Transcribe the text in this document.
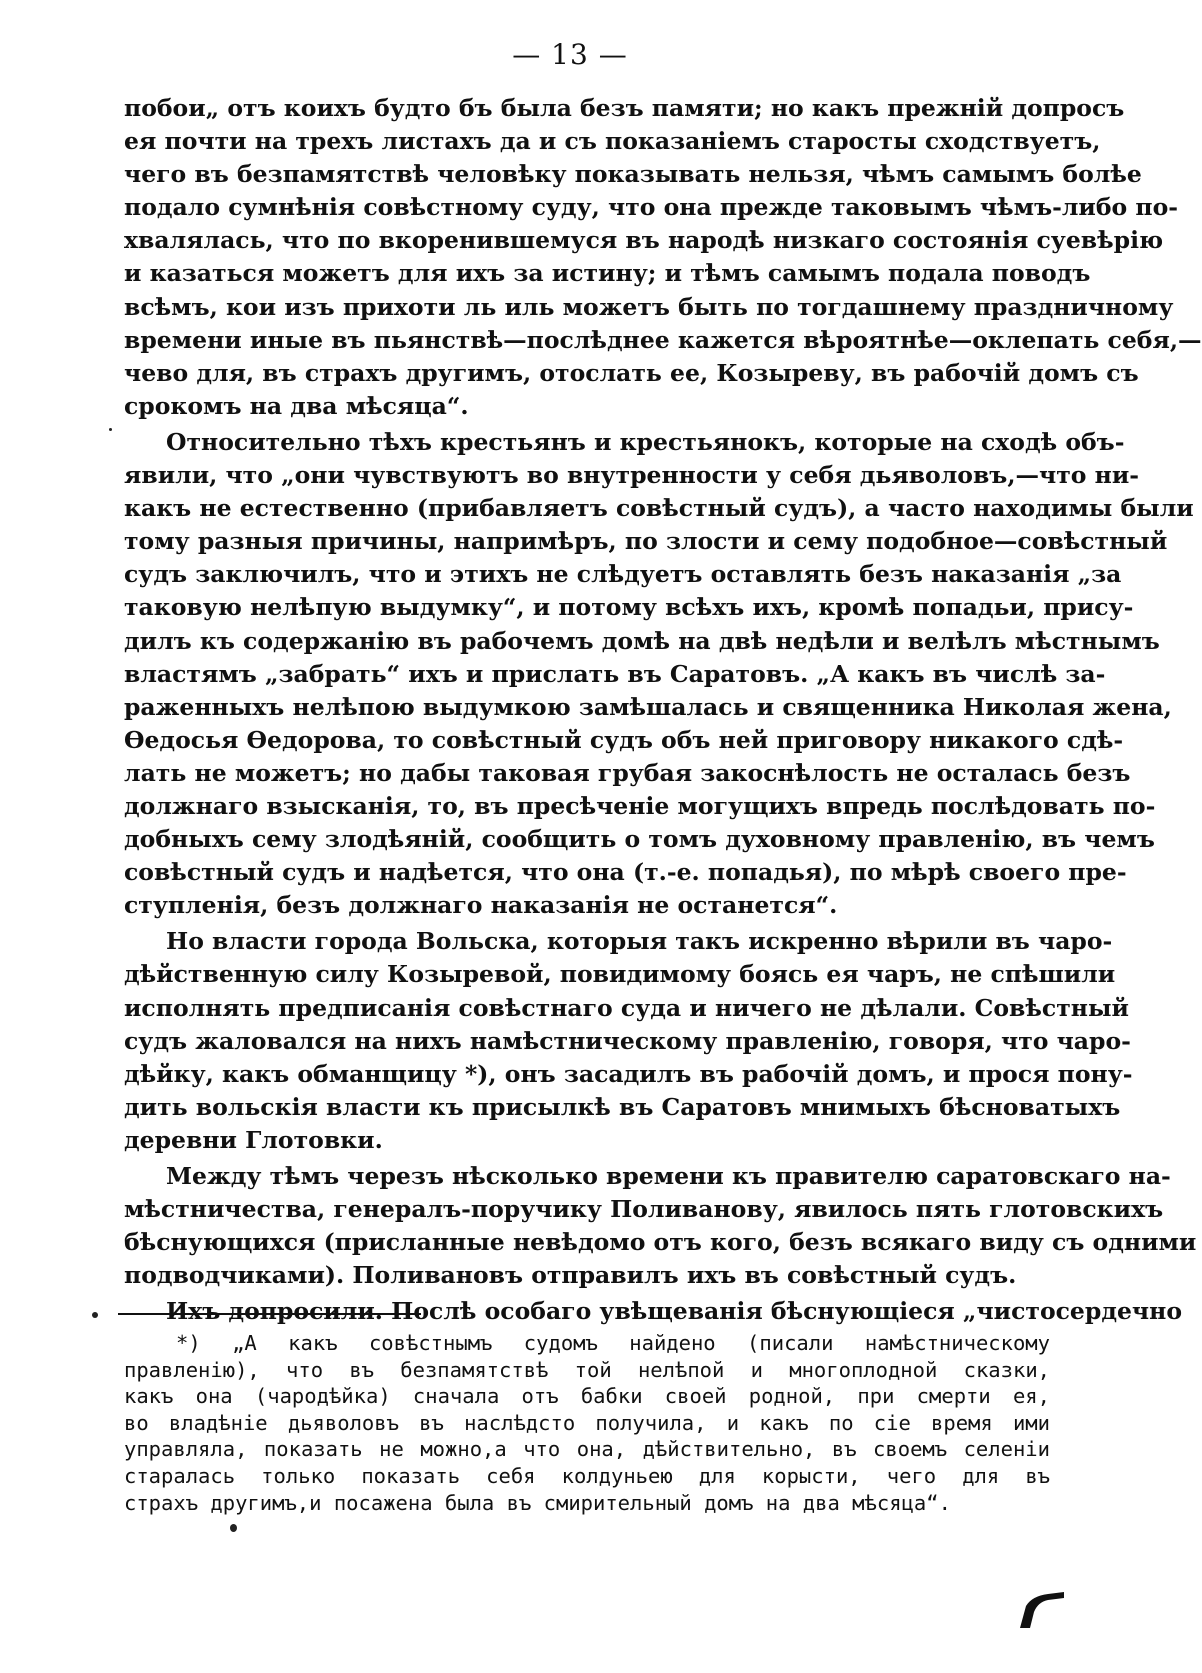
— 13 —

побои„ отъ коихъ будто бъ была безъ памяти; но какъ прежній допросъ
ея почти на трехъ листахъ да и съ показаніемъ старосты сходствуетъ,
чего въ безпамятствѣ человѣку показывать нельзя, чѣмъ самымъ болѣе
подало сумнѣнія совѣстному суду, что она прежде таковымъ чѣмъ-либо по-
хвалялась, что по вкоренившемуся въ народѣ низкаго состоянія суевѣрію
и казаться можетъ для ихъ за истину; и тѣмъ самымъ подала поводъ
всѣмъ, кои изъ прихоти ль иль можетъ быть по тогдашнему праздничному
времени иные въ пьянствѣ—послѣднее кажется вѣроятнѣе—оклепать себя,—
чево для, въ страхъ другимъ, отослать ее, Козыреву, въ рабочій домъ съ
срокомъ на два мѣсяца“.

Относительно тѣхъ крестьянъ и крестьянокъ, которые на сходѣ объ-
явили, что „они чувствуютъ во внутренности у себя дьяволовъ,—что ни-
какъ не естественно (прибавляетъ совѣстный судъ), а часто находимы были
тому разныя причины, напримѣръ, по злости и сему подобное—совѣстный
судъ заключилъ, что и этихъ не слѣдуетъ оставлять безъ наказанія „за
таковую нелѣпую выдумку“, и потому всѣхъ ихъ, кромѣ попадьи, прису-
дилъ къ содержанію въ рабочемъ домѣ на двѣ недѣли и велѣлъ мѣстнымъ
властямъ „забрать“ ихъ и прислать въ Саратовъ. „А какъ въ числѣ за-
раженныхъ нелѣпою выдумкою замѣшалась и священника Николая жена,
Ѳедосья Ѳедорова, то совѣстный судъ объ ней приговору никакого сдѣ-
лать не можетъ; но дабы таковая грубая закоснѣлость не осталась безъ
должнаго взысканія, то, въ пресѣченіе могущихъ впредь послѣдовать по-
добныхъ сему злодѣяній, сообщить о томъ духовному правленію, въ чемъ
совѣстный судъ и надѣется, что она (т.-е. попадья), по мѣрѣ своего пре-
ступленія, безъ должнаго наказанія не останется“.

Но власти города Вольска, которыя такъ искренно вѣрили въ чаро-
дѣйственную силу Козыревой, повидимому боясь ея чаръ, не спѣшили
исполнять предписанія совѣстнаго суда и ничего не дѣлали. Совѣстный
судъ жаловался на нихъ намѣстническому правленію, говоря, что чаро-
дѣйку, какъ обманщицу *), онъ засадилъ въ рабочій домъ, и прося пону-
дить вольскія власти къ присылкѣ въ Саратовъ мнимыхъ бѣсноватыхъ
деревни Глотовки.

Между тѣмъ черезъ нѣсколько времени къ правителю саратовскаго на-
мѣстничества, генералъ-поручику Поливанову, явилось пять глотовскихъ
бѣснующихся (присланные невѣдомо отъ кого, безъ всякаго виду съ одними
подводчиками). Поливановъ отправилъ ихъ въ совѣстный судъ.

Ихъ допросили. Послѣ особаго увѣщеванія бѣснующіеся „чистосердечно

*) „А какъ совѣстнымъ судомъ найдено (писали намѣстническому
правленію), что въ безпамятствѣ той нелѣпой и многоплодной сказки,
какъ она (чародѣйка) сначала отъ бабки своей родной, при смерти ея,
во владѣніе дьяволовъ въ наслѣдсто получила, и какъ по сіе время ими
управляла, показать не можно,а что она, дѣйствительно, въ своемъ селеніи
старалась только показать себя колдуньею для корысти, чего для въ
страхъ другимъ,и посажена была въ смирительный домъ на два мѣсяца“.
